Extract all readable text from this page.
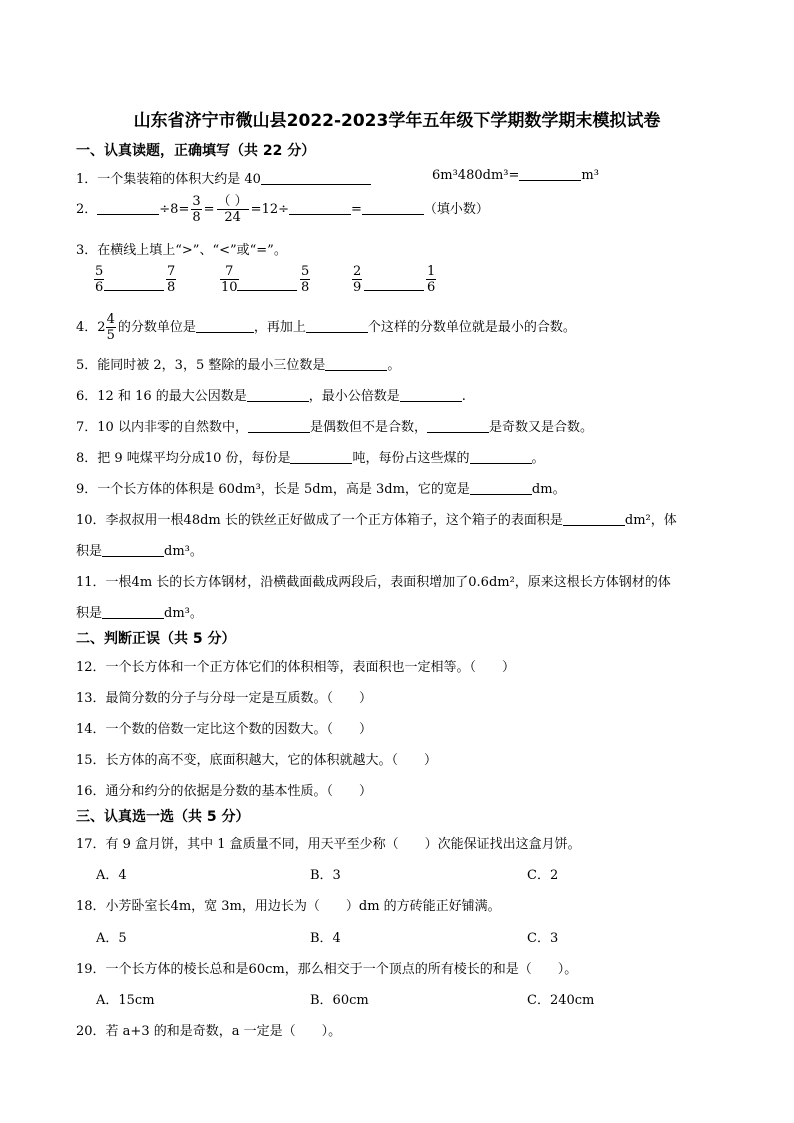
山东省济宁市微山县2022-2023学年五年级下学期数学期末模拟试卷
一、认真读题，正确填写（共 22 分）
1．一个集装箱的体积大约是 40	6m³480dm³=	m³
2．	$\div 8= \frac{3}{8} = \frac{( )}{24} =12\div$	=	（填小数）
3．在横线上填上“>”、“<”或“=”。
$\frac{5}{6}$	$\frac{7}{8}$	$\frac{7}{10}$	$\frac{5}{8}$	$\frac{2}{9}$	$\frac{1}{6}$
4．$2 \frac{4}{5}$ 的分数单位是	，再加上	个这样的分数单位就是最小的合数。
5．能同时被 2，3，5 整除的最小三位数是	。
6．12 和 16 的最大公因数是	，最小公倍数是	.
7．10 以内非零的自然数中，	是偶数但不是合数，	是奇数又是合数。
8．把 9 吨煤平均分成10 份，每份是	吨，每份占这些煤的	。
9．一个长方体的体积是 60dm³，长是 5dm，高是 3dm，它的宽是	dm。
10．李叔叔用一根48dm 长的铁丝正好做成了一个正方体箱子，这个箱子的表面积是	dm²，体
积是	dm³。
11．一根4m 长的长方体钢材，沿横截面截成两段后，表面积增加了0.6dm²，原来这根长方体钢材的体
积是	dm³。
二、判断正误（共 5 分）
12．一个长方体和一个正方体它们的体积相等，表面积也一定相等。（　　）
13．最简分数的分子与分母一定是互质数。（　　）
14．一个数的倍数一定比这个数的因数大。（　　）
15．长方体的高不变，底面积越大，它的体积就越大。（　　）
16．通分和约分的依据是分数的基本性质。（　　）
三、认真选一选（共 5 分）
17．有 9 盒月饼，其中 1 盒质量不同，用天平至少称（　　）次能保证找出这盒月饼。
A．4	B．3	C．2
18．小芳卧室长4m，宽 3m，用边长为（　　）dm 的方砖能正好铺满。
A．5	B．4	C．3
19．一个长方体的棱长总和是60cm，那么相交于一个顶点的所有棱长的和是（　　）。
A．15cm	B．60cm	C．240cm
20．若 a+3 的和是奇数，a 一定是（　　）。
